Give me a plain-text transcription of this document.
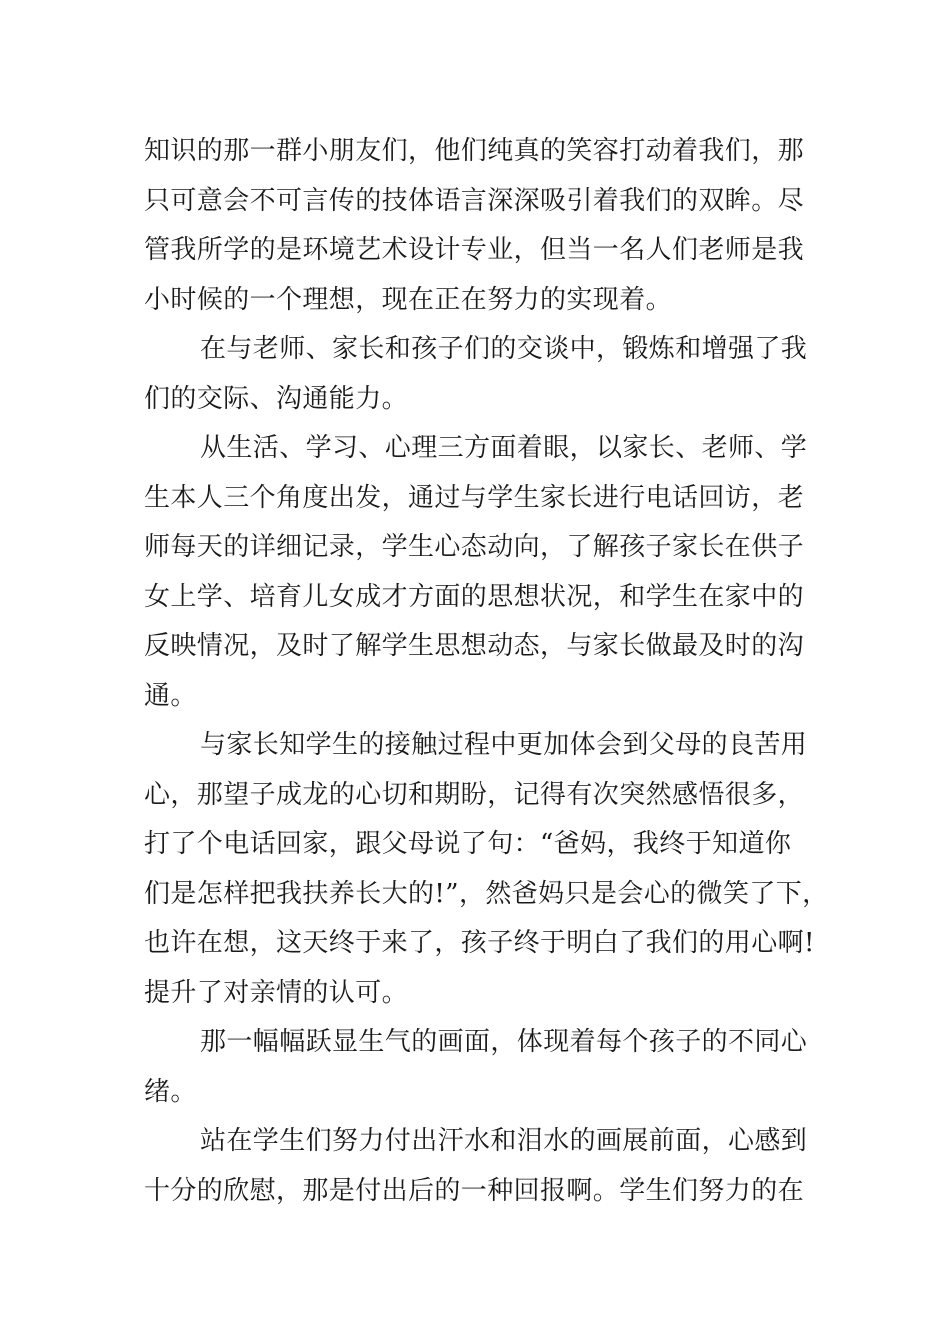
知识的那一群小朋友们，他们纯真的笑容打动着我们，那
只可意会不可言传的技体语言深深吸引着我们的双眸。尽
管我所学的是环境艺术设计专业，但当一名人们老师是我
小时候的一个理想，现在正在努力的实现着。
在与老师、家长和孩子们的交谈中，锻炼和增强了我
们的交际、沟通能力。
从生活、学习、心理三方面着眼，以家长、老师、学
生本人三个角度出发，通过与学生家长进行电话回访，老
师每天的详细记录，学生心态动向，了解孩子家长在供子
女上学、培育儿女成才方面的思想状况，和学生在家中的
反映情况，及时了解学生思想动态，与家长做最及时的沟
通。
与家长知学生的接触过程中更加体会到父母的良苦用
心，那望子成龙的心切和期盼，记得有次突然感悟很多，
打了个电话回家，跟父母说了句：“爸妈，我终于知道你
们是怎样把我扶养长大的!”，然爸妈只是会心的微笑了下，
也许在想，这天终于来了，孩子终于明白了我们的用心啊!
提升了对亲情的认可。
那一幅幅跃显生气的画面，体现着每个孩子的不同心
绪。
站在学生们努力付出汗水和泪水的画展前面，心感到
十分的欣慰，那是付出后的一种回报啊。学生们努力的在
